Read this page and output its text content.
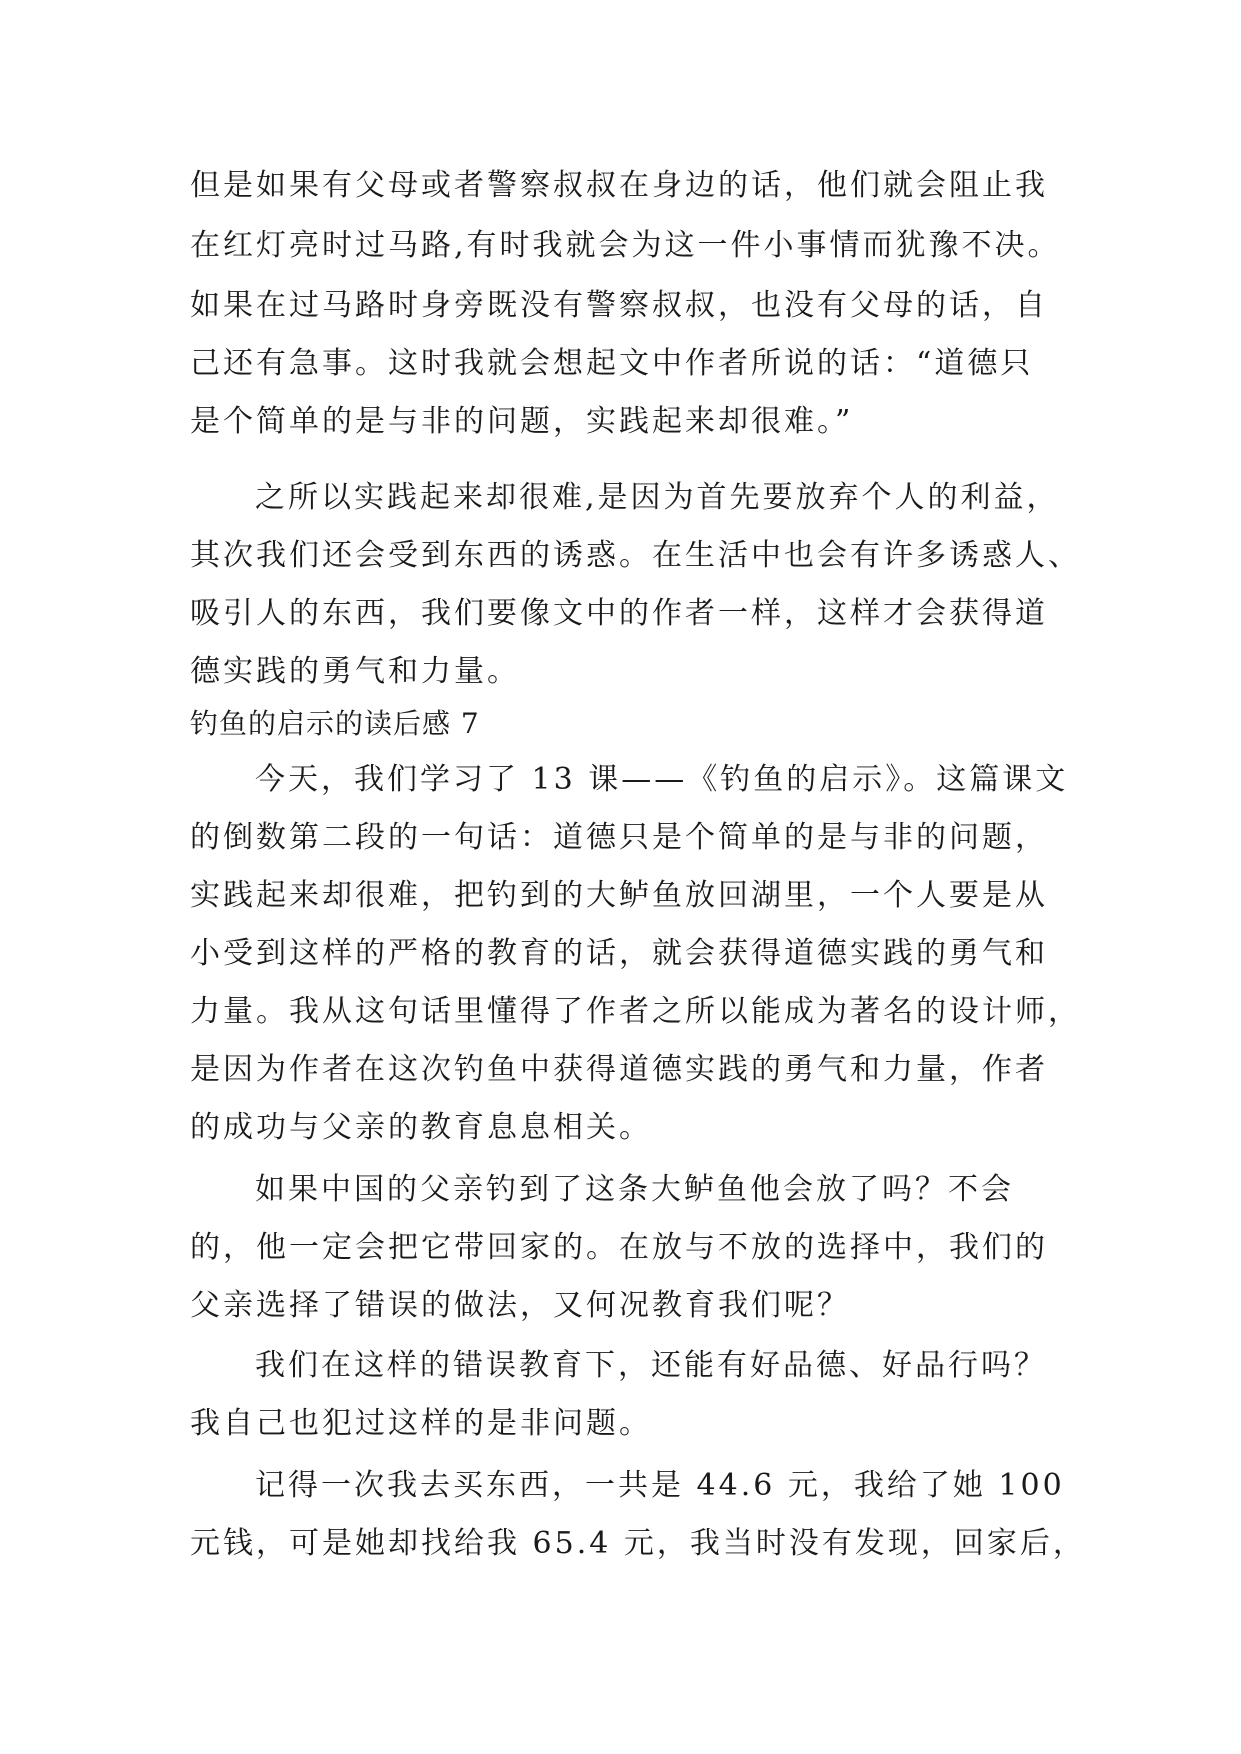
但是如果有父母或者警察叔叔在身边的话，他们就会阻止我
在红灯亮时过马路,有时我就会为这一件小事情而犹豫不决。
如果在过马路时身旁既没有警察叔叔，也没有父母的话，自
己还有急事。这时我就会想起文中作者所说的话：“道德只
是个简单的是与非的问题，实践起来却很难。”
之所以实践起来却很难,是因为首先要放弃个人的利益，
其次我们还会受到东西的诱惑。在生活中也会有许多诱惑人、
吸引人的东西，我们要像文中的作者一样，这样才会获得道
德实践的勇气和力量。
钓鱼的启示的读后感 7
今天，我们学习了 13 课——《钓鱼的启示》。这篇课文
的倒数第二段的一句话：道德只是个简单的是与非的问题，
实践起来却很难，把钓到的大鲈鱼放回湖里，一个人要是从
小受到这样的严格的教育的话，就会获得道德实践的勇气和
力量。我从这句话里懂得了作者之所以能成为著名的设计师，
是因为作者在这次钓鱼中获得道德实践的勇气和力量，作者
的成功与父亲的教育息息相关。
如果中国的父亲钓到了这条大鲈鱼他会放了吗？不会
的，他一定会把它带回家的。在放与不放的选择中，我们的
父亲选择了错误的做法，又何况教育我们呢？
我们在这样的错误教育下，还能有好品德、好品行吗？
我自己也犯过这样的是非问题。
记得一次我去买东西，一共是 44.6 元，我给了她 100
元钱，可是她却找给我 65.4 元，我当时没有发现，回家后，
